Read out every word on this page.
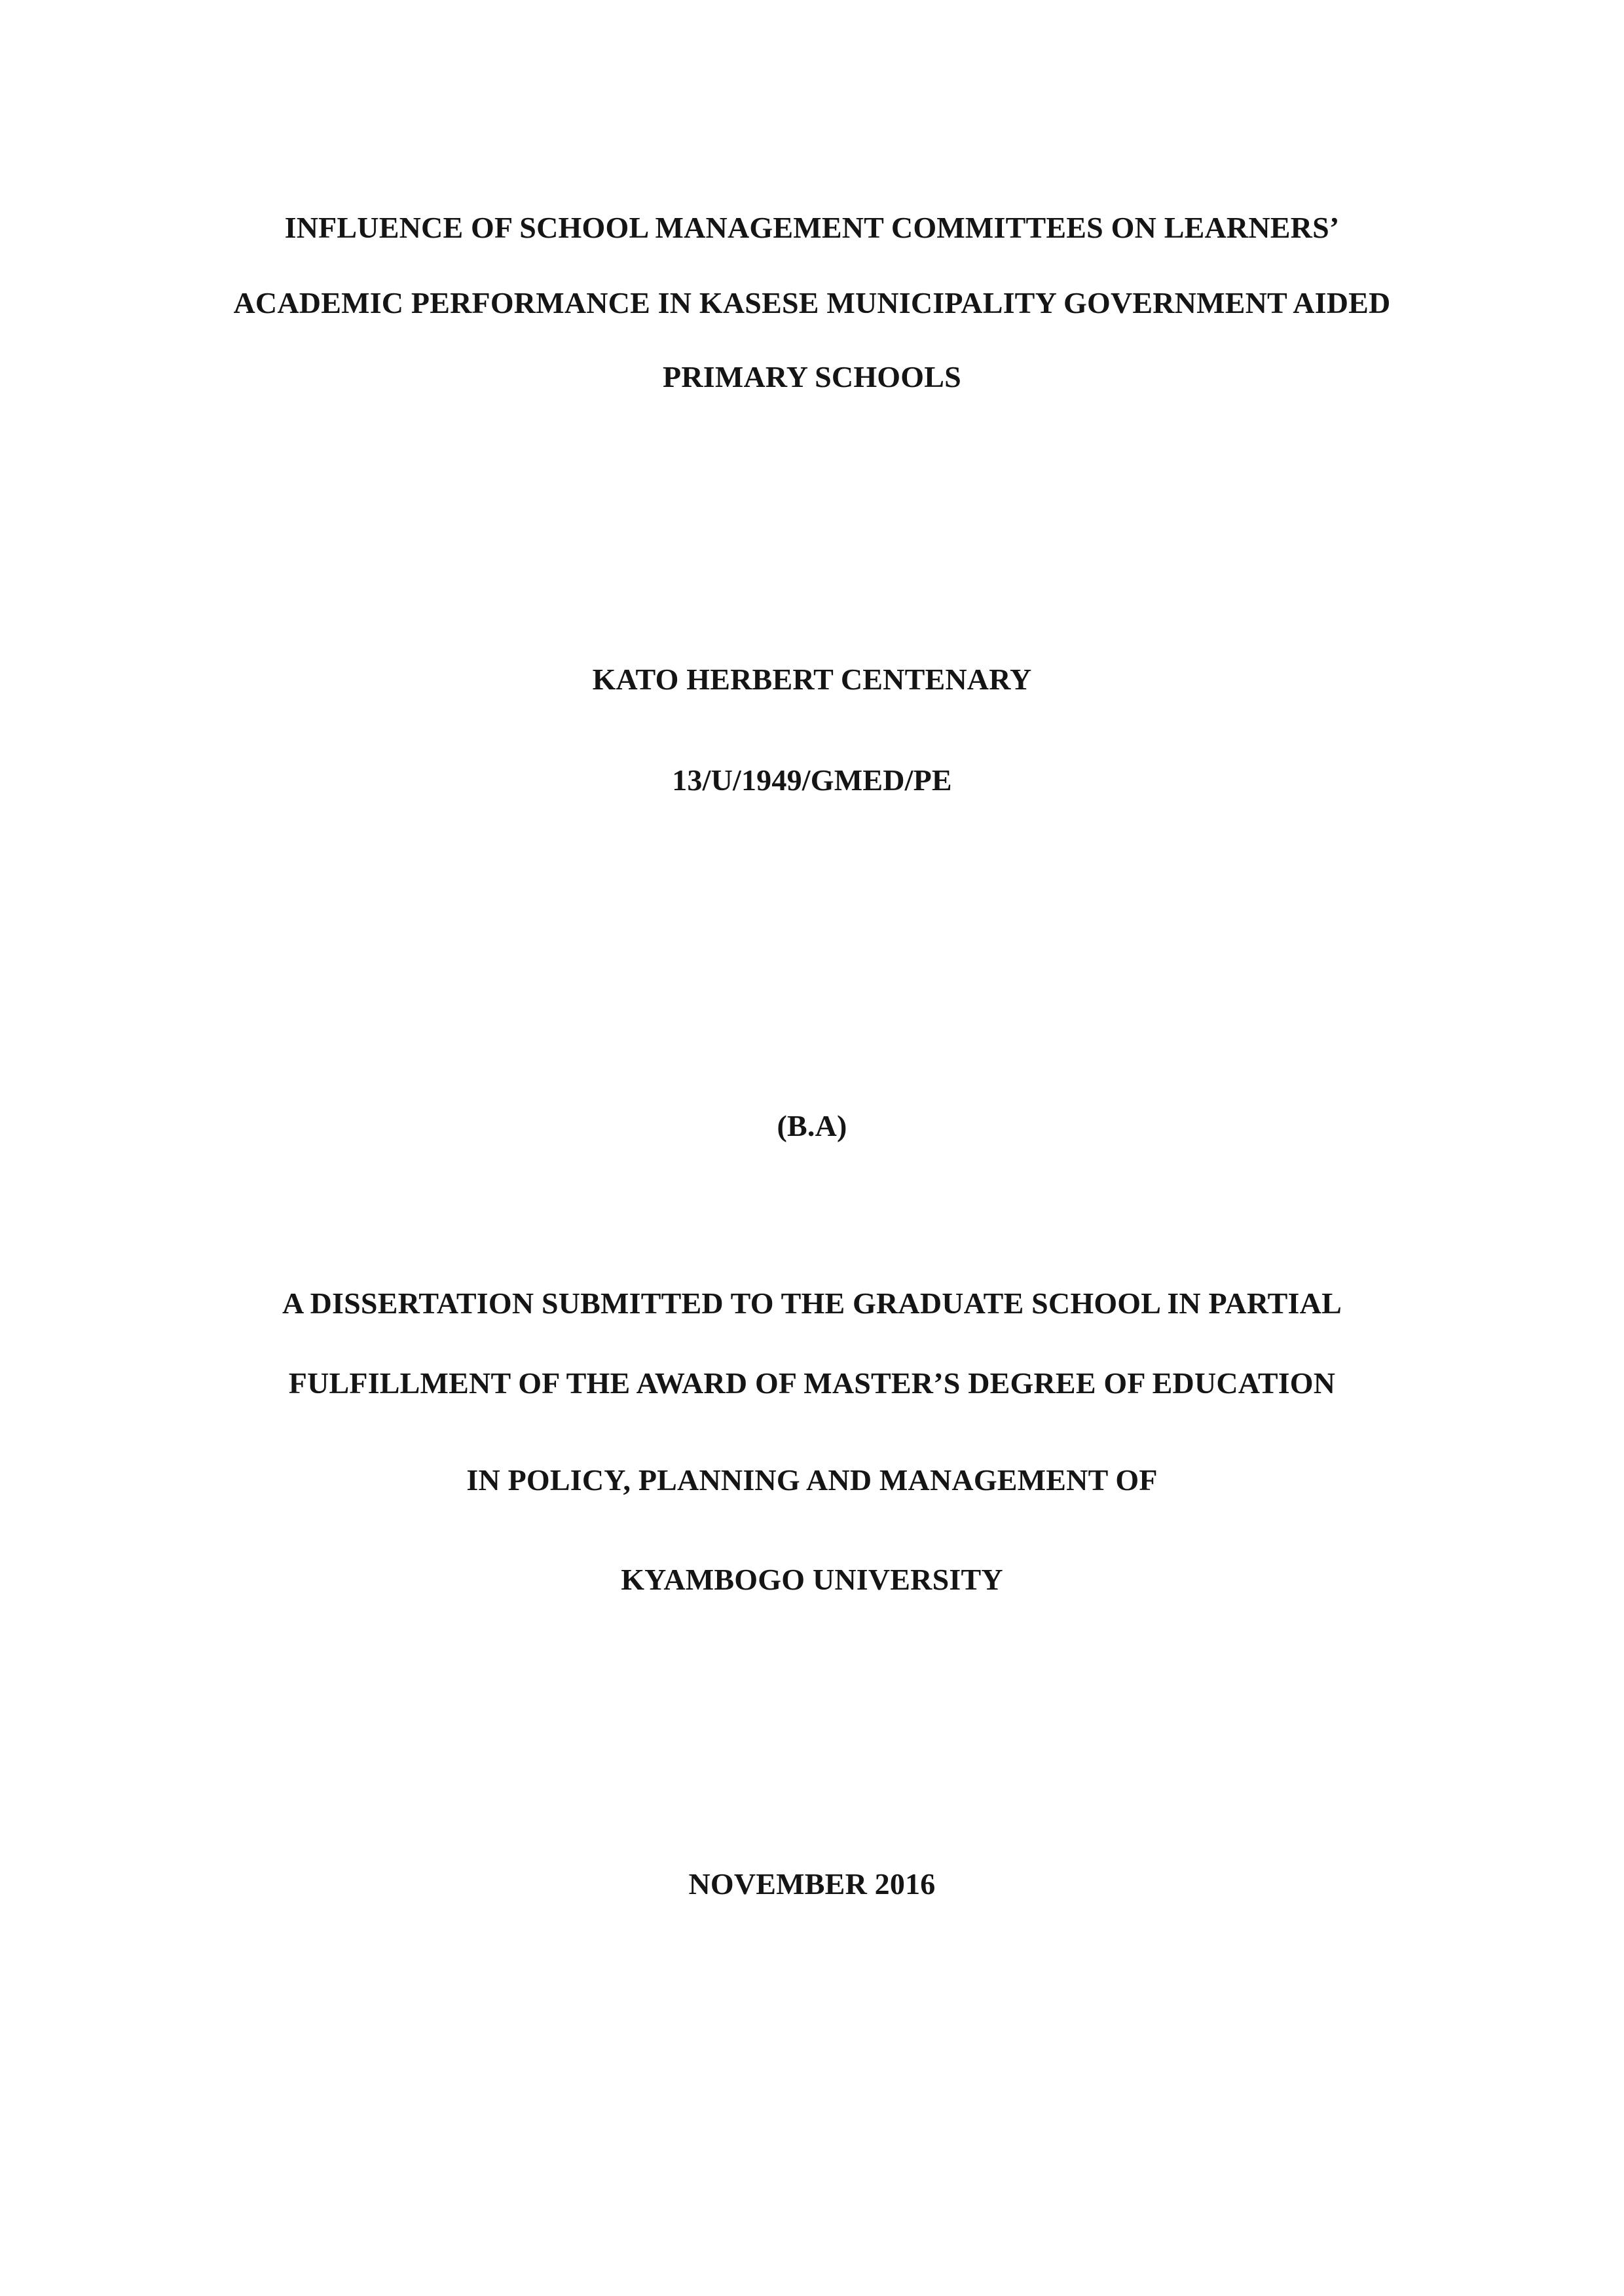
INFLUENCE OF SCHOOL MANAGEMENT COMMITTEES ON LEARNERS’
ACADEMIC PERFORMANCE IN KASESE MUNICIPALITY GOVERNMENT AIDED
PRIMARY SCHOOLS
KATO HERBERT CENTENARY
13/U/1949/GMED/PE
(B.A)
A DISSERTATION SUBMITTED TO THE GRADUATE SCHOOL IN PARTIAL
FULFILLMENT OF THE AWARD OF MASTER’S DEGREE OF EDUCATION
IN POLICY, PLANNING AND MANAGEMENT OF
KYAMBOGO UNIVERSITY
NOVEMBER 2016
